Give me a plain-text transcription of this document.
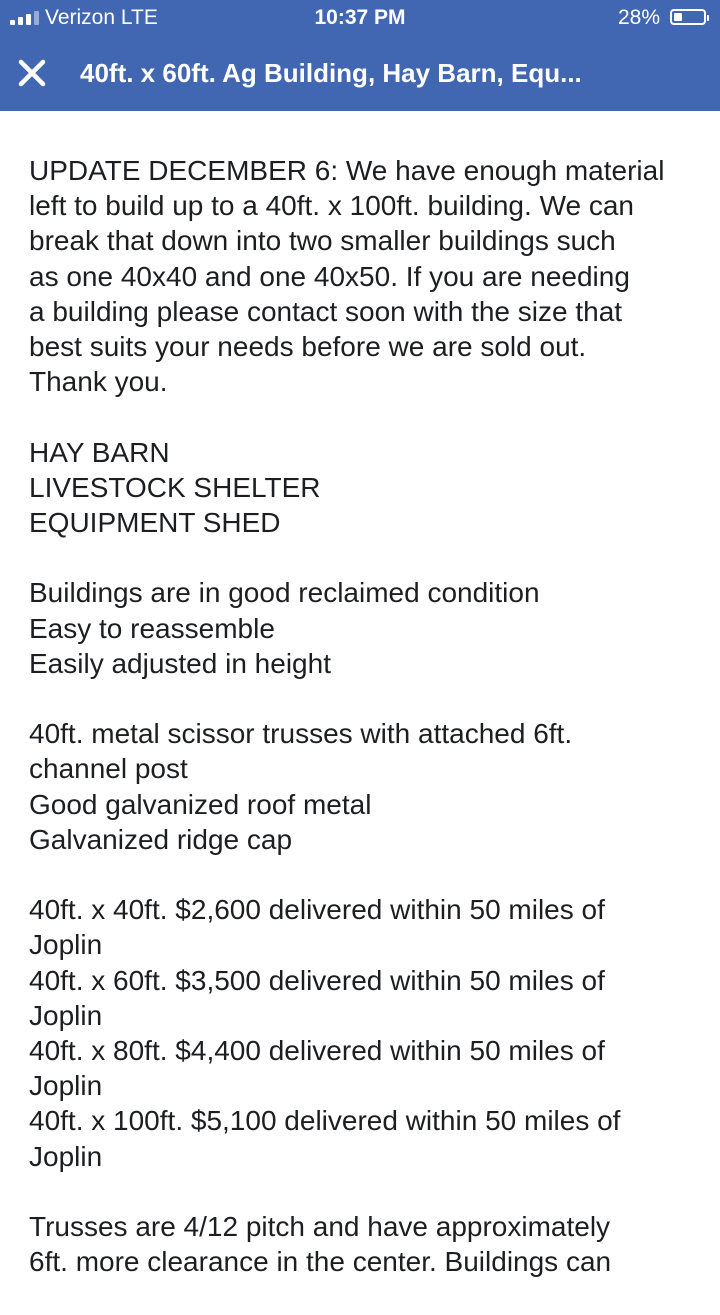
Verizon LTE	10:37 PM	28%
40ft. x 60ft. Ag Building, Hay Barn, Equ...
UPDATE DECEMBER 6: We have enough material
left to build up to a 40ft. x 100ft. building. We can
break that down into two smaller buildings such
as one 40x40 and one 40x50. If you are needing
a building please contact soon with the size that
best suits your needs before we are sold out.
Thank you.
HAY BARN
LIVESTOCK SHELTER
EQUIPMENT SHED
Buildings are in good reclaimed condition
Easy to reassemble
Easily adjusted in height
40ft. metal scissor trusses with attached 6ft.
channel post
Good galvanized roof metal
Galvanized ridge cap
40ft. x 40ft. $2,600 delivered within 50 miles of
Joplin
40ft. x 60ft. $3,500 delivered within 50 miles of
Joplin
40ft. x 80ft. $4,400 delivered within 50 miles of
Joplin
40ft. x 100ft. $5,100 delivered within 50 miles of
Joplin
Trusses are 4/12 pitch and have approximately
6ft. more clearance in the center. Buildings can
